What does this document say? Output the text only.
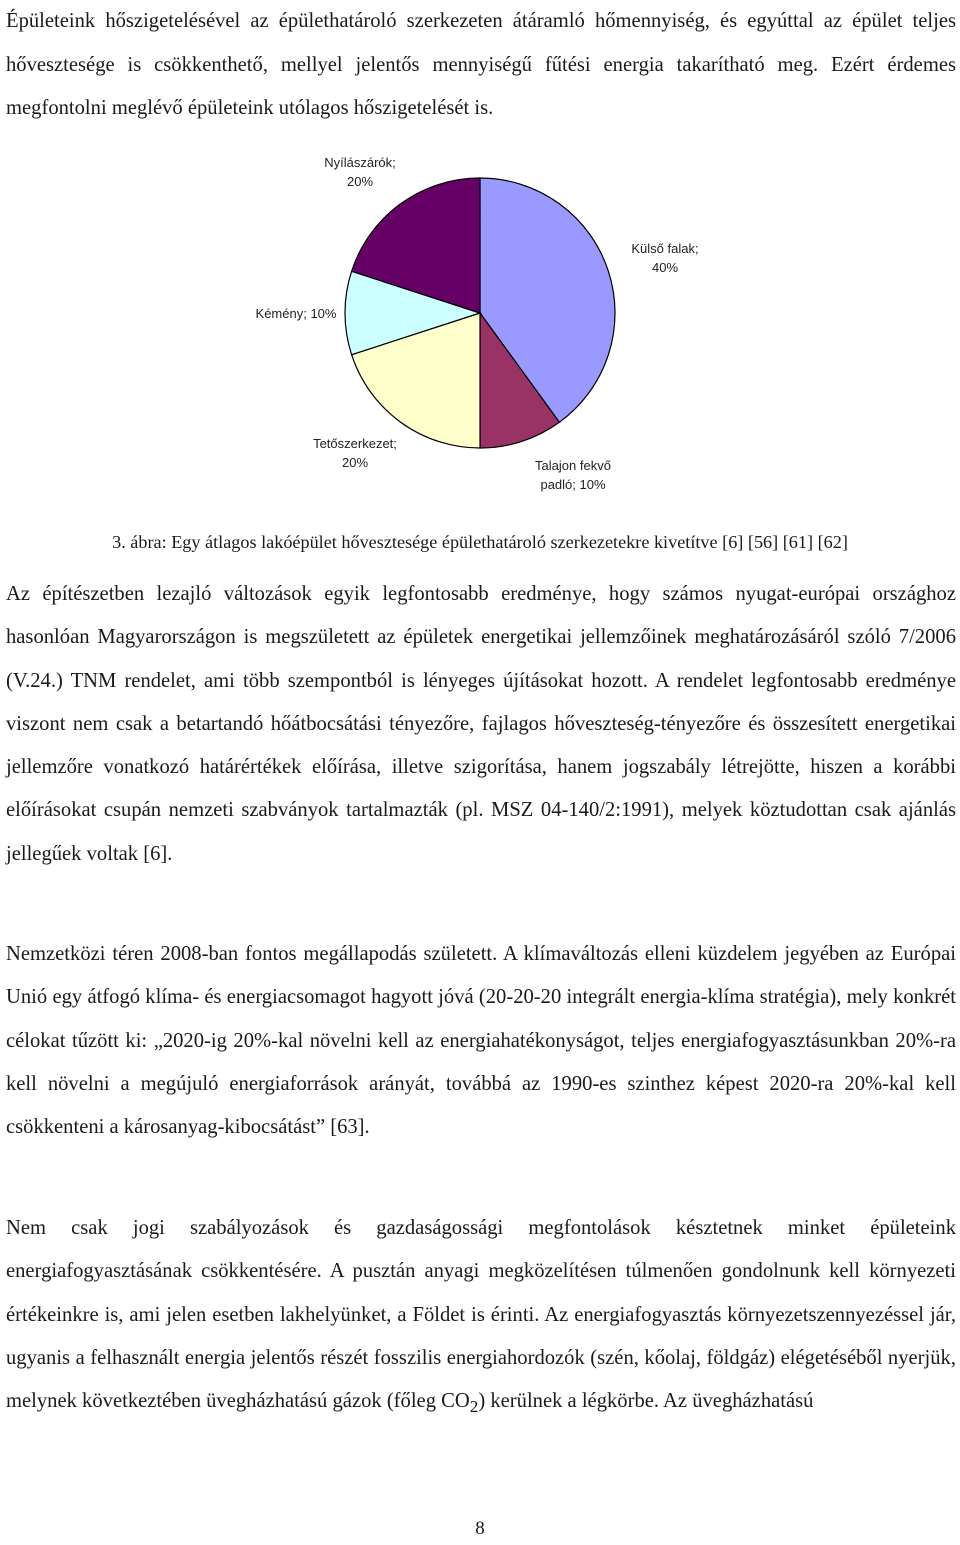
Épületeink hőszigetelésével az épülethatároló szerkezeten átáramló hőmennyiség, és egyúttal az épület teljes hővesztesége is csökkenthető, mellyel jelentős mennyiségű fűtési energia takarítható meg. Ezért érdemes megfontolni meglévő épületeink utólagos hőszigetelését is.

Külső falak; 40%
Talajon fekvő padló; 10%
Tetőszerkezet; 20%
Kémény; 10%
Nyílászárók; 20%
3. ábra: Egy átlagos lakóépület hővesztesége épülethatároló szerkezetekre kivetítve [6] [56] [61] [62]

Az építészetben lezajló változások egyik legfontosabb eredménye, hogy számos nyugat-európai országhoz hasonlóan Magyarországon is megszületett az épületek energetikai jellemzőinek meghatározásáról szóló 7/2006 (V.24.) TNM rendelet, ami több szempontból is lényeges újításokat hozott. A rendelet legfontosabb eredménye viszont nem csak a betartandó hőátbocsátási tényezőre, fajlagos hőveszteség-tényezőre és összesített energetikai jellemzőre vonatkozó határértékek előírása, illetve szigorítása, hanem jogszabály létrejötte, hiszen a korábbi előírásokat csupán nemzeti szabványok tartalmazták (pl. MSZ 04-140/2:1991), melyek köztudottan csak ajánlás jellegűek voltak [6].

Nemzetközi téren 2008-ban fontos megállapodás született. A klímaváltozás elleni küzdelem jegyében az Európai Unió egy átfogó klíma- és energiacsomagot hagyott jóvá (20-20-20 integrált energia-klíma stratégia), mely konkrét célokat tűzött ki: „2020-ig 20%-kal növelni kell az energiahatékonyságot, teljes energiafogyasztásunkban 20%-ra kell növelni a megújuló energiaforrások arányát, továbbá az 1990-es szinthez képest 2020-ra 20%-kal kell csökkenteni a károsanyag-kibocsátást” [63].

Nem csak jogi szabályozások és gazdaságossági megfontolások késztetnek minket épületeink energiafogyasztásának csökkentésére. A pusztán anyagi megközelítésen túlmenően gondolnunk kell környezeti értékeinkre is, ami jelen esetben lakhelyünket, a Földet is érinti. Az energiafogyasztás környezetszennyezéssel jár, ugyanis a felhasznált energia jelentős részét fosszilis energiahordozók (szén, kőolaj, földgáz) elégetéséből nyerjük, melynek következtében üvegházhatású gázok (főleg $CO_2$) kerülnek a légkörbe. Az üvegházhatású

8
